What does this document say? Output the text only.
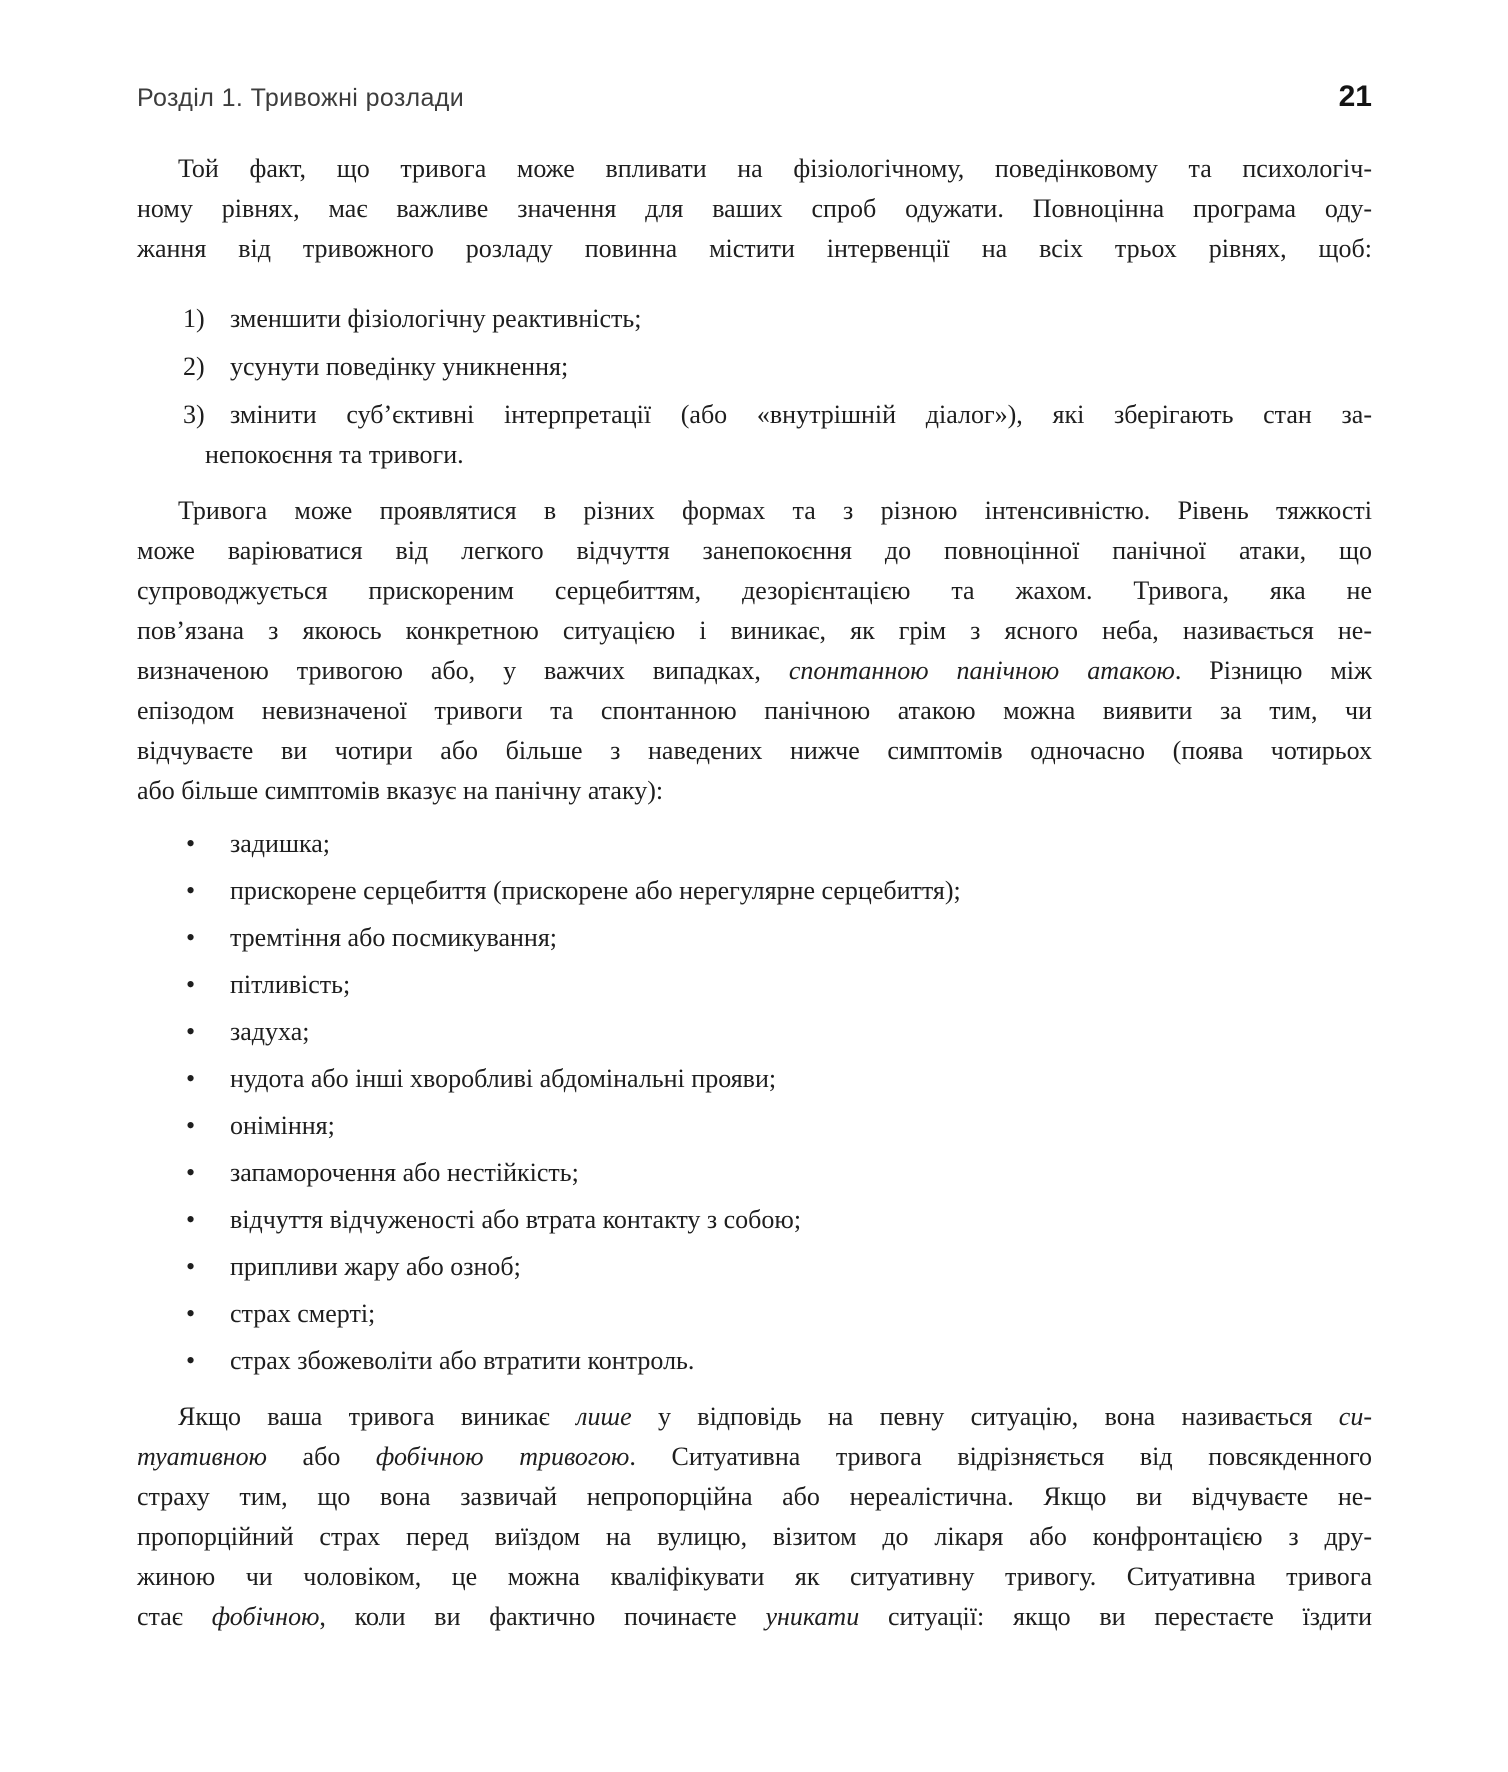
Розділ 1. Тривожні розлади	21
Той факт, що тривога може впливати на фізіологічному, поведінковому та психологіч-
ному рівнях, має важливе значення для ваших спроб одужати. Повноцінна програма оду-
жання від тривожного розладу повинна містити інтервенції на всіх трьох рівнях, щоб:
1) зменшити фізіологічну реактивність;
2) усунути поведінку уникнення;
3) змінити суб’єктивні інтерпретації (або «внутрішній діалог»), які зберігають стан за-
непокоєння та тривоги.
Тривога може проявлятися в різних формах та з різною інтенсивністю. Рівень тяжкості
може варіюватися від легкого відчуття занепокоєння до повноцінної панічної атаки, що
супроводжується прискореним серцебиттям, дезорієнтацією та жахом. Тривога, яка не
пов’язана з якоюсь конкретною ситуацією і виникає, як грім з ясного неба, називається не-
визначеною тривогою або, у важчих випадках, спонтанною панічною атакою. Різницю між
епізодом невизначеної тривоги та спонтанною панічною атакою можна виявити за тим, чи
відчуваєте ви чотири або більше з наведених нижче симптомів одночасно (поява чотирьох
або більше симптомів вказує на панічну атаку):
•	задишка;
•	прискорене серцебиття (прискорене або нерегулярне серцебиття);
•	тремтіння або посмикування;
•	пітливість;
•	задуха;
•	нудота або інші хворобливі абдомінальні прояви;
•	оніміння;
•	запаморочення або нестійкість;
•	відчуття відчуженості або втрата контакту з собою;
•	припливи жару або озноб;
•	страх смерті;
•	страх збожеволіти або втратити контроль.
Якщо ваша тривога виникає лише у відповідь на певну ситуацію, вона називається си-
туативною або фобічною тривогою. Ситуативна тривога відрізняється від повсякденного
страху тим, що вона зазвичай непропорційна або нереалістична. Якщо ви відчуваєте не-
пропорційний страх перед виїздом на вулицю, візитом до лікаря або конфронтацією з дру-
жиною чи чоловіком, це можна кваліфікувати як ситуативну тривогу. Ситуативна тривога
стає фобічною, коли ви фактично починаєте уникати ситуації: якщо ви перестаєте їздити
